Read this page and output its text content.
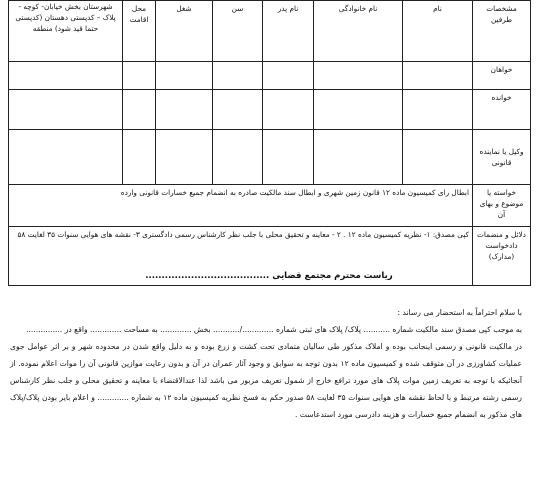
مشخصات طرفین	نام	نام خانوادگی	نام پدر	سن	شغل	محل اقامت	شهرستان بخش خیابان- کوچه - پلاک – کدپستی دهستان (کدپستی حتما قید شود) منطقه
خواهان							
خوانده							
وکیل یا نماینده قانونی							
خواسته یا موضوع و بهای آن	ابطال رای کمیسیون ماده ۱۲ قانون زمین شهری و ابطال سند مالکیت صادره به انضمام جمیع خسارات قانونی وارده						
دلائل و منضمات دادخواست (مدارک)	کپی مصدق: ۱- نظریه کمیسیون ماده ۱۲ . ۲ - معاینه و تحقیق محلی با جلب نظر کارشناس رسمی دادگستری ۳- نقشه های هوایی سنوات ۳۵ لغایت ۵۸						
ریاست محترم مجتمع قضایی ......................................

با سلام احتراماً به استحضار می رساند :

به موجب کپی مصدق سند مالکیت شماره ........... پلاک/ پلاک های ثبتی شماره ............./........... بخش ............. به مساحت ............. واقع در ...............

در مالکیت قانونی و رسمی اینجانب بوده و املاک مذکور طی سالیان متمادی تحت کشت و زرع بوده و به دلیل واقع شدن در محدوده شهر و بر اثر عوامل جوی عملیات کشاورزی در آن متوقف شده و کمیسیون ماده ۱۲ بدون توجه به سوابق و وجود آثار عمران در آن و بدون رعایت موازین قانونی آن را موات اعلام نموده. از آنجائیکه با توجه به تعریف زمین موات پلاک های مورد ترافع خارج از شمول تعریف مزبور می باشد لذا عندالاقتضاء با معاینه و تحقیق محلی و جلب نظر کارشناس رسمی رشته مرتبط و با لحاظ نقشه های هوایی سنوات ۳۵ لغایت ۵۸ صدور حکم به فسخ نظریه کمیسیون ماده ۱۲ به شماره ............. و اعلام بایر بودن پلاک/پلاک های مذکور به انضمام جمیع خسارات و هزینه دادرسی مورد استدعاست .
